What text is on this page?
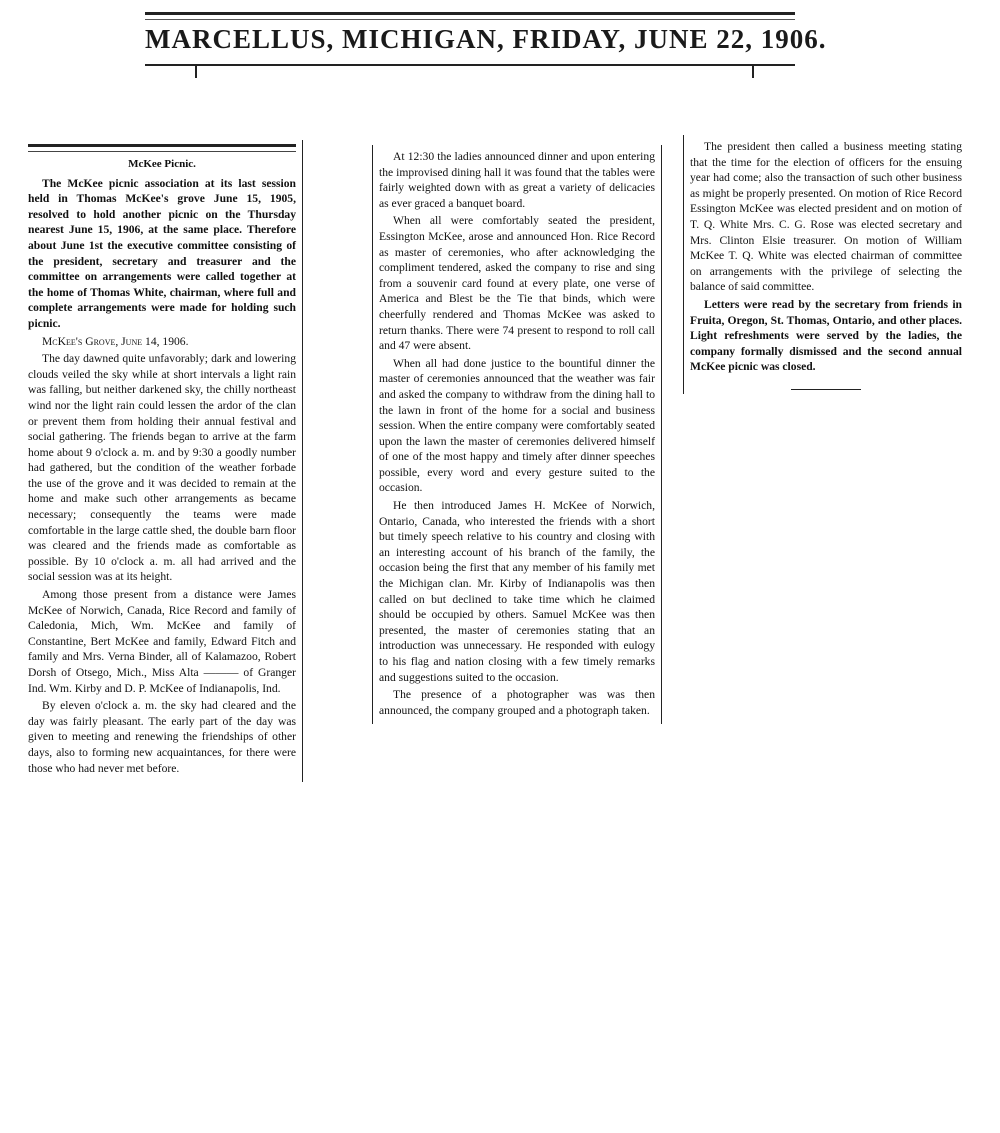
MARCELLUS, MICHIGAN, FRIDAY, JUNE 22, 1906.
McKee Picnic.

The McKee picnic association at its last session held in Thomas McKee's grove June 15, 1905, resolved to hold another picnic on the Thursday nearest June 15, 1906, at the same place. Therefore about June 1st the executive committee consisting of the president, secretary and treasurer and the committee on arrangements were called together at the home of Thomas White, chairman, where full and complete arrangements were made for holding such picnic.

McKee's Grove, June 14, 1906.

The day dawned quite unfavorably; dark and lowering clouds veiled the sky while at short intervals a light rain was falling, but neither darkened sky, the chilly northeast wind nor the light rain could lessen the ardor of the clan or prevent them from holding their annual festival and social gathering. The friends began to arrive at the farm home about 9 o'clock a. m. and by 9:30 a goodly number had gathered, but the condition of the weather forbade the use of the grove and it was decided to remain at the home and make such other arrangements as became necessary; consequently the teams were made comfortable in the large cattle shed, the double barn floor was cleared and the friends made as comfortable as possible. By 10 o'clock a. m. all had arrived and the social session was at its height.

Among those present from a distance were James McKee of Norwich, Canada, Rice Record and family of Caledonia, Mich, Wm. McKee and family of Constantine, Bert McKee and family, Edward Fitch and family and Mrs. Verna Binder, all of Kalamazoo, Robert Dorsh of Otsego, Mich., Miss Alta ——— of Granger Ind. Wm. Kirby and D. P. McKee of Indianapolis, Ind.

By eleven o'clock a. m. the sky had cleared and the day was fairly pleasant. The early part of the day was given to meeting and renewing the friendships of other days, also to forming new acquaintances, for there were those who had never met before.

At 12:30 the ladies announced dinner and upon entering the improvised dining hall it was found that the tables were fairly weighted down with as great a variety of delicacies as ever graced a banquet board.

When all were comfortably seated the president, Essington McKee, arose and announced Hon. Rice Record as master of ceremonies, who after acknowledging the compliment tendered, asked the company to rise and sing from a souvenir card found at every plate, one verse of America and Blest be the Tie that binds, which were cheerfully rendered and Thomas McKee was asked to return thanks. There were 74 present to respond to roll call and 47 were absent.

When all had done justice to the bountiful dinner the master of ceremonies announced that the weather was fair and asked the company to withdraw from the dining hall to the lawn in front of the home for a social and business session. When the entire company were comfortably seated upon the lawn the master of ceremonies delivered himself of one of the most happy and timely after dinner speeches possible, every word and every gesture suited to the occasion.

He then introduced James H. McKee of Norwich, Ontario, Canada, who interested the friends with a short but timely speech relative to his country and closing with an interesting account of his branch of the family, the occasion being the first that any member of his family met the Michigan clan. Mr. Kirby of Indianapolis was then called on but declined to take time which he claimed should be occupied by others. Samuel McKee was then presented, the master of ceremonies stating that an introduction was unnecessary. He responded with eulogy to his flag and nation closing with a few timely remarks and suggestions suited to the occasion.

The presence of a photographer was was then announced, the company grouped and a photograph taken.

The president then called a business meeting stating that the time for the election of officers for the ensuing year had come; also the transaction of such other business as might be properly presented. On motion of Rice Record Essington McKee was elected president and on motion of T. Q. White Mrs. C. G. Rose was elected secretary and Mrs. Clinton Elsie treasurer. On motion of William McKee T. Q. White was elected chairman of committee on arrangements with the privilege of selecting the balance of said committee.

Letters were read by the secretary from friends in Fruita, Oregon, St. Thomas, Ontario, and other places. Light refreshments were served by the ladies, the company formally dismissed and the second annual McKee picnic was closed.
